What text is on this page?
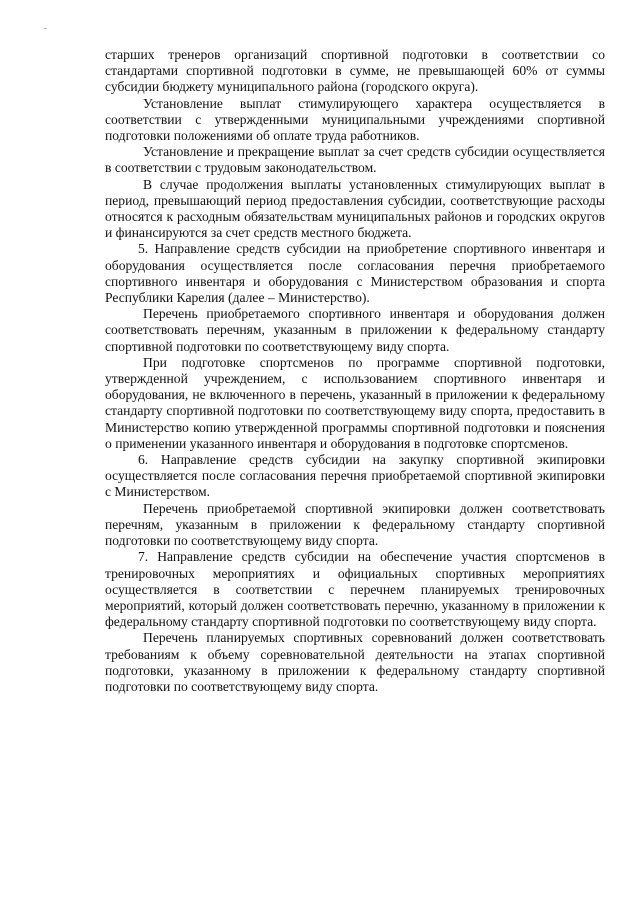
старших тренеров организаций спортивной подготовки в соответствии со стандартами спортивной подготовки в сумме, не превышающей 60% от суммы субсидии бюджету муниципального района (городского округа).

Установление выплат стимулирующего характера осуществляется в соответствии с утвержденными муниципальными учреждениями спортивной подготовки положениями об оплате труда работников.

Установление и прекращение выплат за счет средств субсидии осуществляется в соответствии с трудовым законодательством.

В случае продолжения выплаты установленных стимулирующих выплат в период, превышающий период предоставления субсидии, соответствующие расходы относятся к расходным обязательствам муниципальных районов и городских округов и финансируются за счет средств местного бюджета.

5. Направление средств субсидии на приобретение спортивного инвентаря и оборудования осуществляется после согласования перечня приобретаемого спортивного инвентаря и оборудования с Министерством образования и спорта Республики Карелия (далее – Министерство).

Перечень приобретаемого спортивного инвентаря и оборудования должен соответствовать перечням, указанным в приложении к федеральному стандарту спортивной подготовки по соответствующему виду спорта.

При подготовке спортсменов по программе спортивной подготовки, утвержденной учреждением, с использованием спортивного инвентаря и оборудования, не включенного в перечень, указанный в приложении к федеральному стандарту спортивной подготовки по соответствующему виду спорта, предоставить в Министерство копию утвержденной программы спортивной подготовки и пояснения о применении указанного инвентаря и оборудования в подготовке спортсменов.

6. Направление средств субсидии на закупку спортивной экипировки осуществляется после согласования перечня приобретаемой спортивной экипировки с Министерством.

Перечень приобретаемой спортивной экипировки должен соответствовать перечням, указанным в приложении к федеральному стандарту спортивной подготовки по соответствующему виду спорта.

7. Направление средств субсидии на обеспечение участия спортсменов в тренировочных мероприятиях и официальных спортивных мероприятиях осуществляется в соответствии с перечнем планируемых тренировочных мероприятий, который должен соответствовать перечню, указанному в приложении к федеральному стандарту спортивной подготовки по соответствующему виду спорта.

Перечень планируемых спортивных соревнований должен соответствовать требованиям к объему соревновательной деятельности на этапах спортивной подготовки, указанному в приложении к федеральному стандарту спортивной подготовки по соответствующему виду спорта.
